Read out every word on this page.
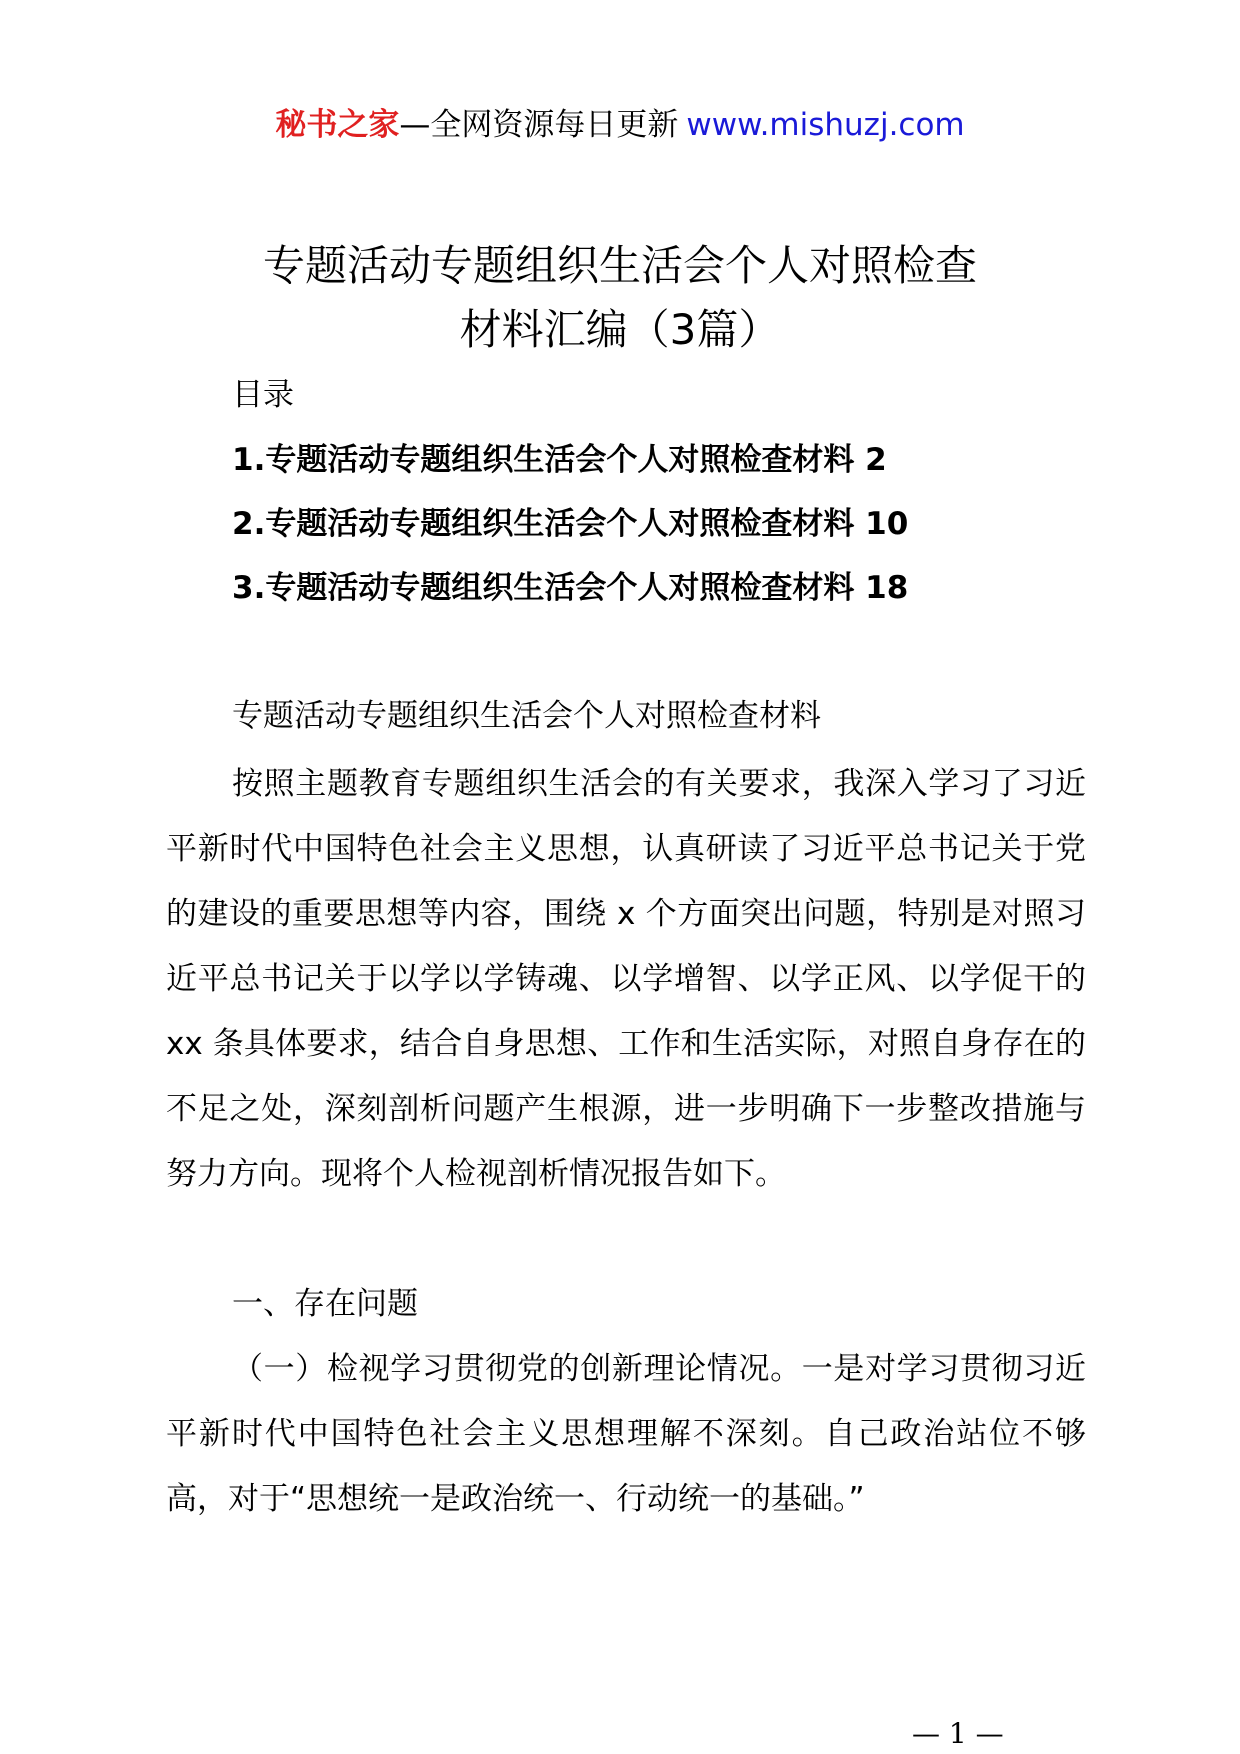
秘书之家—全网资源每日更新 www.mishuzj.com
专题活动专题组织生活会个人对照检查
材料汇编（3篇）
目录
1.专题活动专题组织生活会个人对照检查材料 2
2.专题活动专题组织生活会个人对照检查材料 10
3.专题活动专题组织生活会个人对照检查材料 18
专题活动专题组织生活会个人对照检查材料
按照主题教育专题组织生活会的有关要求，我深入学习了习近平新时代中国特色社会主义思想，认真研读了习近平总书记关于党的建设的重要思想等内容，围绕 x 个方面突出问题，特别是对照习近平总书记关于以学以学铸魂、以学增智、以学正风、以学促干的 xx 条具体要求，结合自身思想、工作和生活实际，对照自身存在的不足之处，深刻剖析问题产生根源，进一步明确下一步整改措施与努力方向。现将个人检视剖析情况报告如下。
一、存在问题
（一）检视学习贯彻党的创新理论情况。一是对学习贯彻习近平新时代中国特色社会主义思想理解不深刻。自己政治站位不够高，对于“思想统一是政治统一、行动统一的基础。”
— 1 —
